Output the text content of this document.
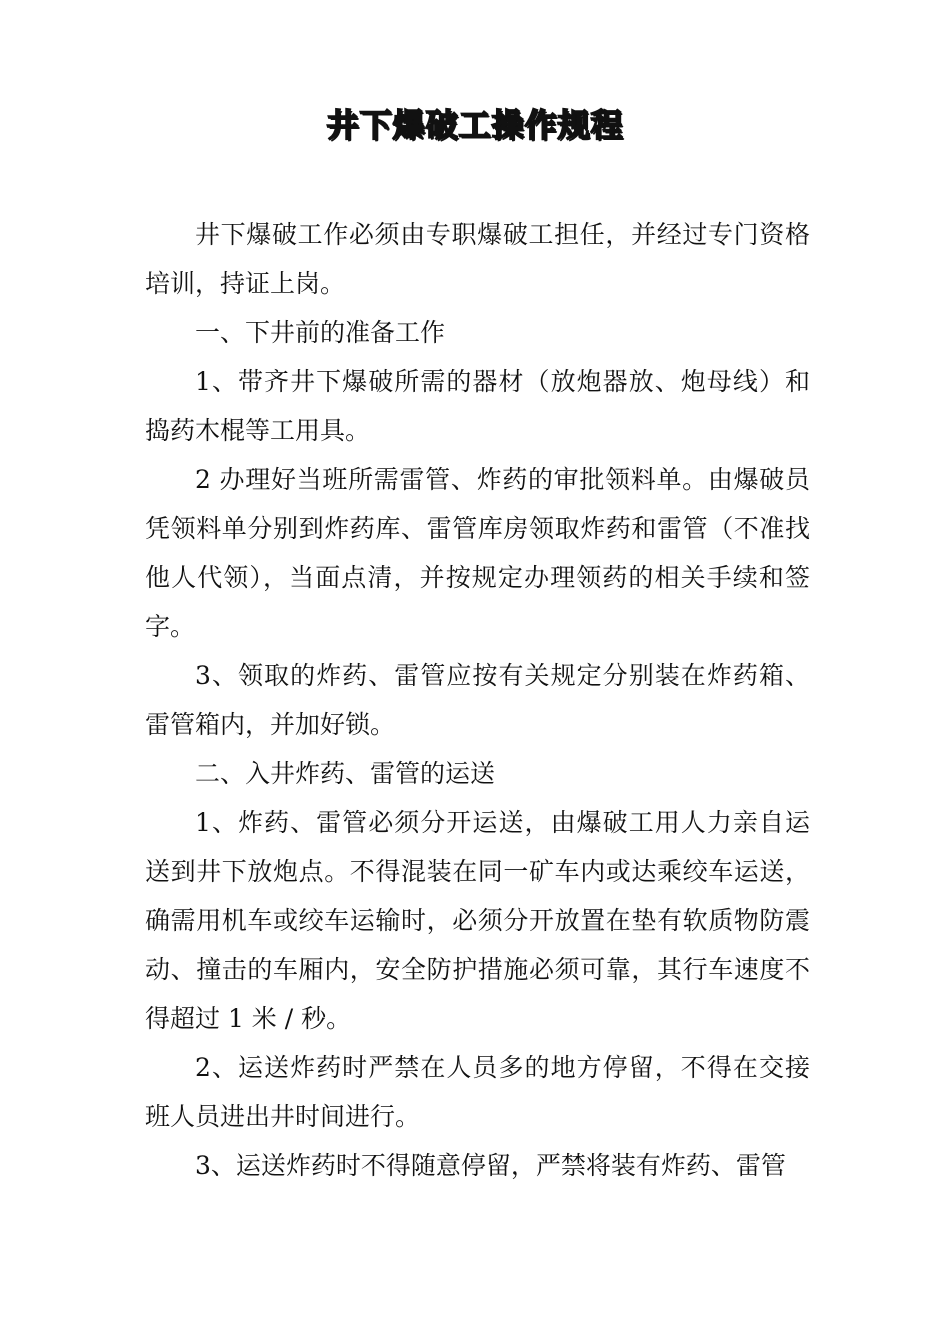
井下爆破工操作规程

井下爆破工作必须由专职爆破工担任，并经过专门资格培训，持证上岗。

一、下井前的准备工作

1、带齐井下爆破所需的器材（放炮器放、炮母线）和捣药木棍等工用具。

2 办理好当班所需雷管、炸药的审批领料单。由爆破员凭领料单分别到炸药库、雷管库房领取炸药和雷管（不准找他人代领），当面点清，并按规定办理领药的相关手续和签字。

3、领取的炸药、雷管应按有关规定分别装在炸药箱、雷管箱内，并加好锁。

二、入井炸药、雷管的运送

1、炸药、雷管必须分开运送，由爆破工用人力亲自运送到井下放炮点。不得混装在同一矿车内或达乘绞车运送，确需用机车或绞车运输时，必须分开放置在垫有软质物防震动、撞击的车厢内，安全防护措施必须可靠，其行车速度不得超过 1 米 / 秒。

2、运送炸药时严禁在人员多的地方停留，不得在交接班人员进出井时间进行。

3、运送炸药时不得随意停留，严禁将装有炸药、雷管
